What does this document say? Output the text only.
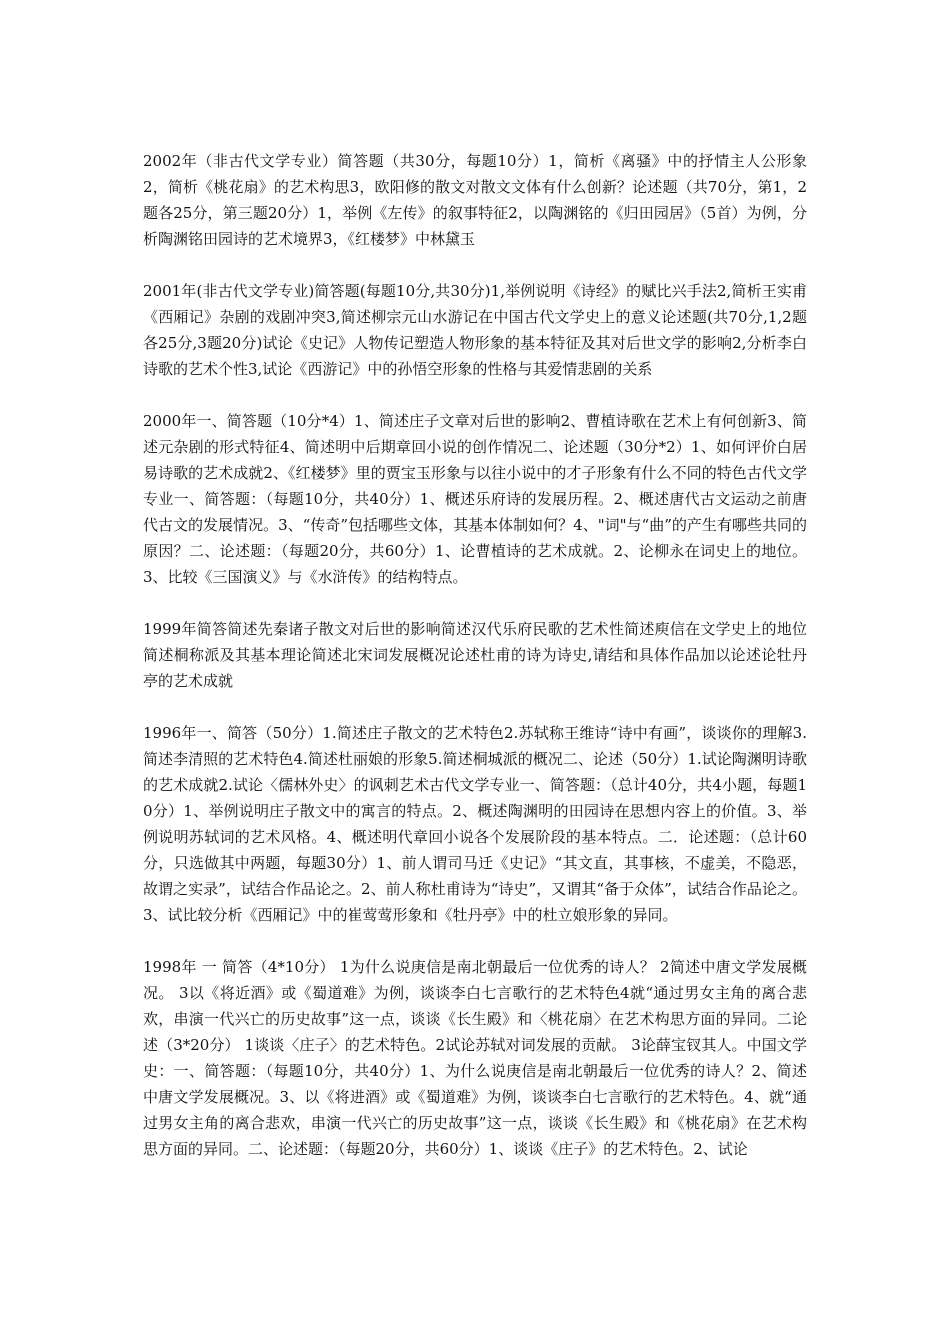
2002年（非古代文学专业）简答题（共30分，每题10分）1，简析《离骚》中的抒情主人公形象2，简析《桃花扇》的艺术构思3，欧阳修的散文对散文文体有什么创新？论述题（共70分，第1，2题各25分，第三题20分）1，举例《左传》的叙事特征2，以陶渊铭的《归田园居》（5首）为例，分析陶渊铭田园诗的艺术境界3，《红楼梦》中林黛玉

2001年(非古代文学专业)简答题(每题10分,共30分)1,举例说明《诗经》的赋比兴手法2,简析王实甫《西厢记》杂剧的戏剧冲突3,简述柳宗元山水游记在中国古代文学史上的意义论述题(共70分,1,2题各25分,3题20分)试论《史记》人物传记塑造人物形象的基本特征及其对后世文学的影响2,分析李白诗歌的艺术个性3,试论《西游记》中的孙悟空形象的性格与其爱情悲剧的关系

2000年一、简答题（10分*4）1、简述庄子文章对后世的影响2、曹植诗歌在艺术上有何创新3、简述元杂剧的形式特征4、简述明中后期章回小说的创作情况二、论述题（30分*2）1、如何评价白居易诗歌的艺术成就2、《红楼梦》里的贾宝玉形象与以往小说中的才子形象有什么不同的特色古代文学专业一、简答题：（每题10分，共40分）1、概述乐府诗的发展历程。2、概述唐代古文运动之前唐代古文的发展情况。3、“传奇”包括哪些文体，其基本体制如何？4、"词"与“曲”的产生有哪些共同的原因？二、论述题：（每题20分，共60分）1、论曹植诗的艺术成就。2、论柳永在词史上的地位。3、比较《三国演义》与《水浒传》的结构特点。

1999年简答简述先秦诸子散文对后世的影响简述汉代乐府民歌的艺术性简述庾信在文学史上的地位简述桐称派及其基本理论简述北宋词发展概况论述杜甫的诗为诗史,请结和具体作品加以论述论牡丹亭的艺术成就

1996年一、简答（50分）1.简述庄子散文的艺术特色2.苏轼称王维诗“诗中有画”，谈谈你的理解3.简述李清照的艺术特色4.简述杜丽娘的形象5.简述桐城派的概况二、论述（50分）1.试论陶渊明诗歌的艺术成就2.试论〈儒林外史〉的讽刺艺术古代文学专业一、简答题：（总计40分，共4小题，每题10分）1、举例说明庄子散文中的寓言的特点。2、概述陶渊明的田园诗在思想内容上的价值。3、举例说明苏轼词的艺术风格。4、概述明代章回小说各个发展阶段的基本特点。二．论述题：（总计60分，只选做其中两题，每题30分）1、前人谓司马迁《史记》“其文直，其事核，不虚美，不隐恶，故谓之实录”，试结合作品论之。2、前人称杜甫诗为“诗史”，又谓其“备于众体”，试结合作品论之。3、试比较分析《西厢记》中的崔莺莺形象和《牡丹亭》中的杜立娘形象的异同。

1998年 一 简答（4*10分） 1为什么说庚信是南北朝最后一位优秀的诗人？ 2简述中唐文学发展概况。 3以《将近酒》或《蜀道难》为例，谈谈李白七言歌行的艺术特色4就“通过男女主角的离合悲欢，串演一代兴亡的历史故事”这一点，谈谈《长生殿》和〈桃花扇〉在艺术构思方面的异同。二论述（3*20分） 1谈谈〈庄子〉的艺术特色。2试论苏轼对词发展的贡献。 3论薛宝钗其人。中国文学史：一、简答题：（每题10分，共40分）1、为什么说庚信是南北朝最后一位优秀的诗人？2、简述中唐文学发展概况。3、以《将进酒》或《蜀道难》为例，谈谈李白七言歌行的艺术特色。4、就“通过男女主角的离合悲欢，串演一代兴亡的历史故事”这一点，谈谈《长生殿》和《桃花扇》在艺术构思方面的异同。二、论述题：（每题20分，共60分）1、谈谈《庄子》的艺术特色。2、试论
